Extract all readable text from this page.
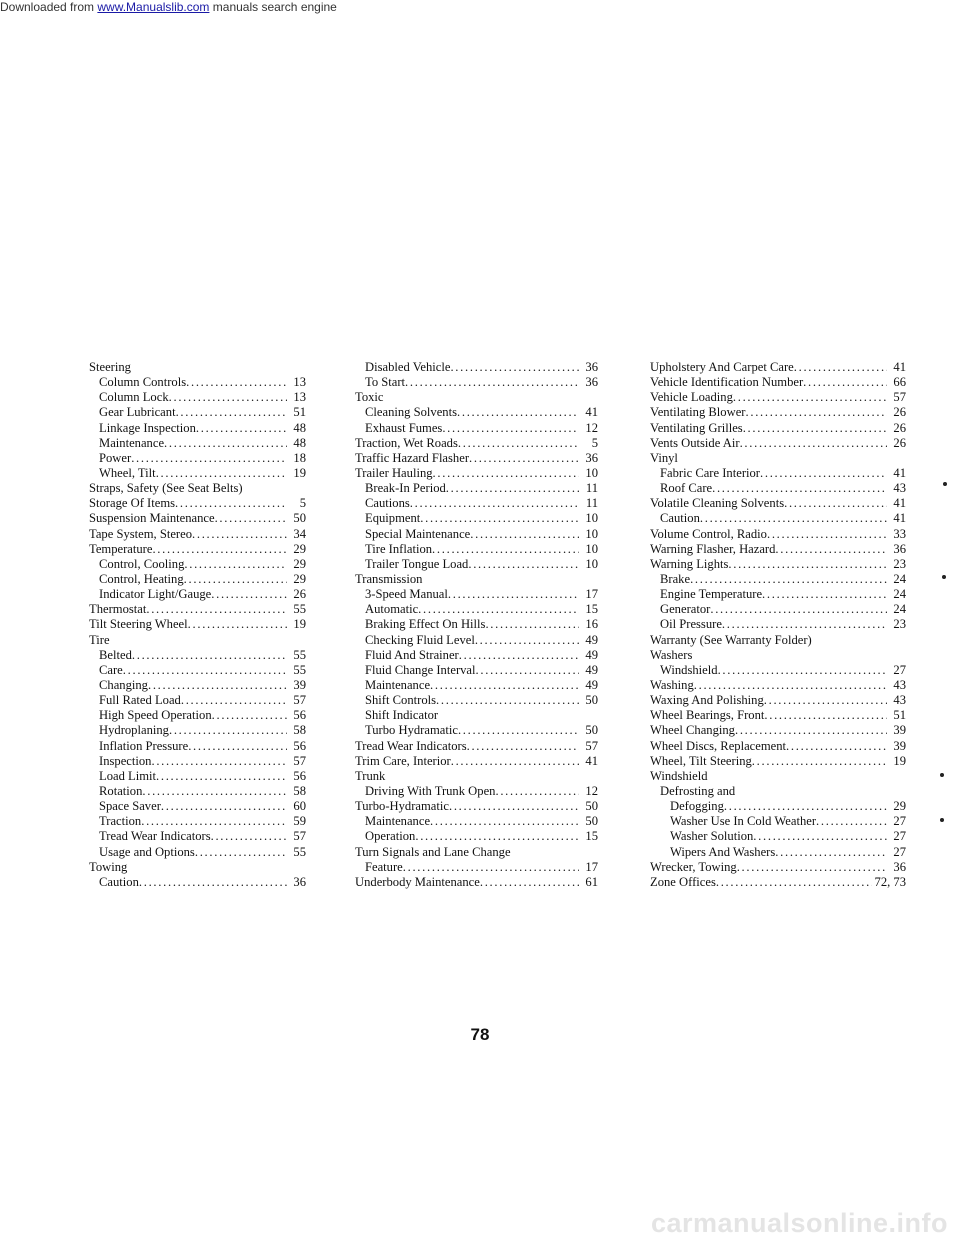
Downloaded from www.Manualslib.com manuals search engine
Steering
Column Controls .....	13
Column Lock .....	13
Gear Lubricant .....	51
Linkage Inspection .....	48
Maintenance .....	48
Power .....	18
Wheel, Tilt .....	19
Straps, Safety (See Seat Belts)
Storage Of Items .....	5
Suspension Maintenance .....	50
Tape System, Stereo .....	34
Temperature .....	29
Control, Cooling .....	29
Control, Heating .....	29
Indicator Light/Gauge .....	26
Thermostat .....	55
Tilt Steering Wheel .....	19
Tire
Belted .....	55
Care .....	55
Changing .....	39
Full Rated Load .....	57
High Speed Operation .....	56
Hydroplaning .....	58
Inflation Pressure .....	56
Inspection .....	57
Load Limit .....	56
Rotation .....	58
Space Saver .....	60
Traction .....	59
Tread Wear Indicators .....	57
Usage and Options .....	55
Towing
Caution .....	36
Disabled Vehicle .....	36
To Start .....	36
Toxic
Cleaning Solvents .....	41
Exhaust Fumes .....	12
Traction, Wet Roads .....	5
Traffic Hazard Flasher .....	36
Trailer Hauling .....	10
Break-In Period .....	11
Cautions .....	11
Equipment .....	10
Special Maintenance .....	10
Tire Inflation .....	10
Trailer Tongue Load .....	10
Transmission
3-Speed Manual .....	17
Automatic .....	15
Braking Effect On Hills .....	16
Checking Fluid Level .....	49
Fluid And Strainer .....	49
Fluid Change Interval .....	49
Maintenance .....	49
Shift Controls .....	50
Shift Indicator
Turbo Hydramatic .....	50
Tread Wear Indicators .....	57
Trim Care, Interior .....	41
Trunk
Driving With Trunk Open .....	12
Turbo-Hydramatic .....	50
Maintenance .....	50
Operation .....	15
Turn Signals and Lane Change
Feature .....	17
Underbody Maintenance .....	61
Upholstery And Carpet Care .....	41
Vehicle Identification Number .....	66
Vehicle Loading .....	57
Ventilating Blower .....	26
Ventilating Grilles .....	26
Vents Outside Air .....	26
Vinyl
Fabric Care Interior .....	41
Roof Care .....	43
Volatile Cleaning Solvents .....	41
Caution .....	41
Volume Control, Radio .....	33
Warning Flasher, Hazard .....	36
Warning Lights .....	23
Brake .....	24
Engine Temperature .....	24
Generator .....	24
Oil Pressure .....	23
Warranty (See Warranty Folder)
Washers
Windshield .....	27
Washing .....	43
Waxing And Polishing .....	43
Wheel Bearings, Front .....	51
Wheel Changing .....	39
Wheel Discs, Replacement .....	39
Wheel, Tilt Steering .....	19
Windshield
Defrosting and
Defogging .....	29
Washer Use In Cold Weather .....	27
Washer Solution .....	27
Wipers And Washers .....	27
Wrecker, Towing .....	36
Zone Offices .....	72, 73
78
carmanualsonline.info
